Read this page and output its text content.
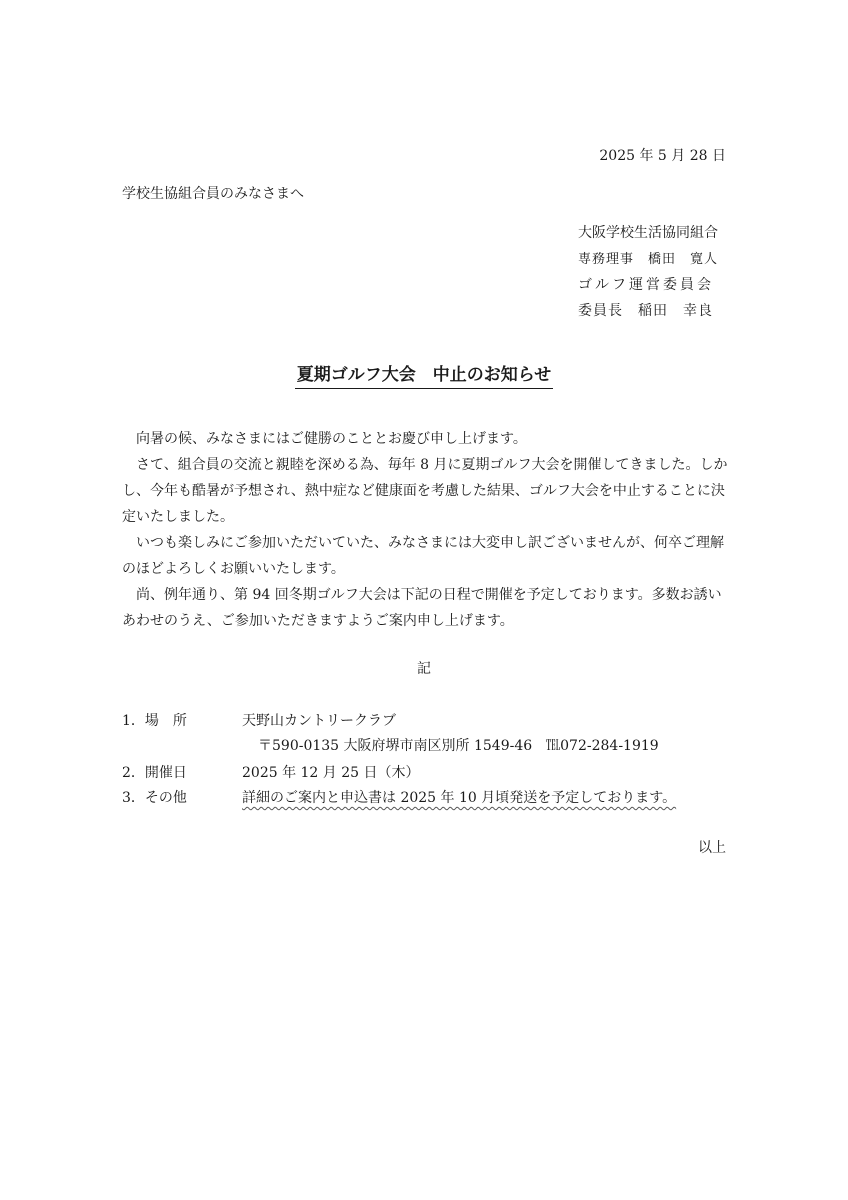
2025 年 5 月 28 日
学校生協組合員のみなさまへ
大阪学校生活協同組合
専務理事　橋田　寛人
ゴルフ運営委員会
委員長　稲田　幸良
夏期ゴルフ大会　中止のお知らせ

　向暑の候、みなさまにはご健勝のこととお慶び申し上げます。

　さて、組合員の交流と親睦を深める為、毎年 8 月に夏期ゴルフ大会を開催してきました。しかし、今年も酷暑が予想され、熱中症など健康面を考慮した結果、ゴルフ大会を中止することに決定いたしました。

　いつも楽しみにご参加いただいていた、みなさまには大変申し訳ございませんが、何卒ご理解のほどよろしくお願いいたします。

　尚、例年通り、第 94 回冬期ゴルフ大会は下記の日程で開催を予定しております。多数お誘いあわせのうえ、ご参加いただきますようご案内申し上げます。

記
1．場　所	天野山カントリークラブ
〒590-0135 大阪府堺市南区別所 1549-46　℡072-284-1919
2．開催日	2025 年 12 月 25 日（木）
3．その他	詳細のご案内と申込書は 2025 年 10 月頃発送を予定しております。
以上
